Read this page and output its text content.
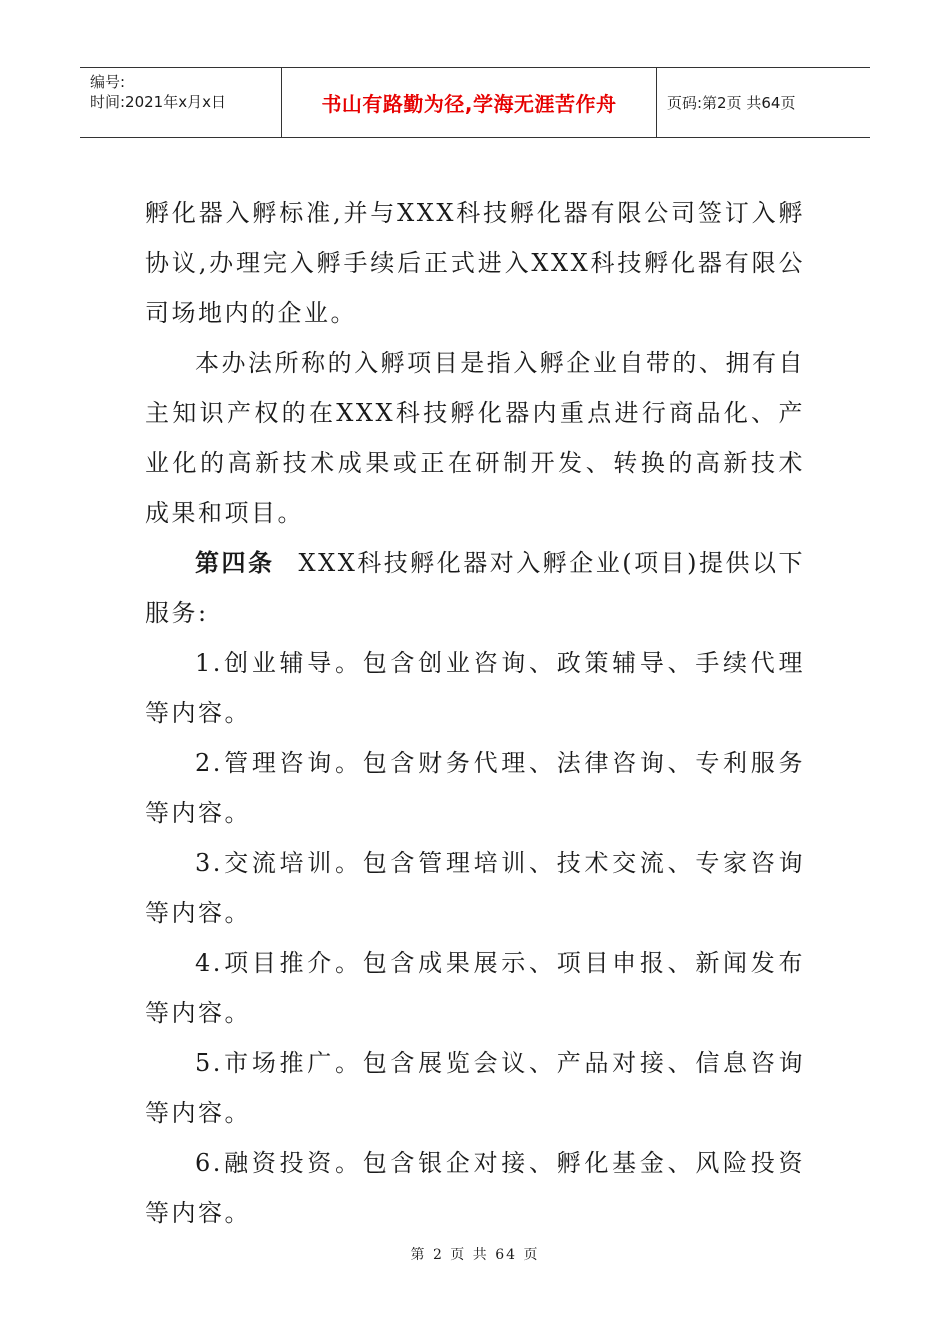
编号:
时间:2021年x月x日	书山有路勤为径,学海无涯苦作舟	页码:第2页 共64页

孵化器入孵标准,并与XXX科技孵化器有限公司签订入孵协议,办理完入孵手续后正式进入XXX科技孵化器有限公司场地内的企业。

本办法所称的入孵项目是指入孵企业自带的、拥有自主知识产权的在XXX科技孵化器内重点进行商品化、产业化的高新技术成果或正在研制开发、转换的高新技术成果和项目。

第四条 XXX科技孵化器对入孵企业(项目)提供以下服务:

1.创业辅导。包含创业咨询、政策辅导、手续代理等内容。

2.管理咨询。包含财务代理、法律咨询、专利服务等内容。

3.交流培训。包含管理培训、技术交流、专家咨询等内容。

4.项目推介。包含成果展示、项目申报、新闻发布等内容。

5.市场推广。包含展览会议、产品对接、信息咨询等内容。

6.融资投资。包含银企对接、孵化基金、风险投资等内容。

第 2 页 共 64 页
